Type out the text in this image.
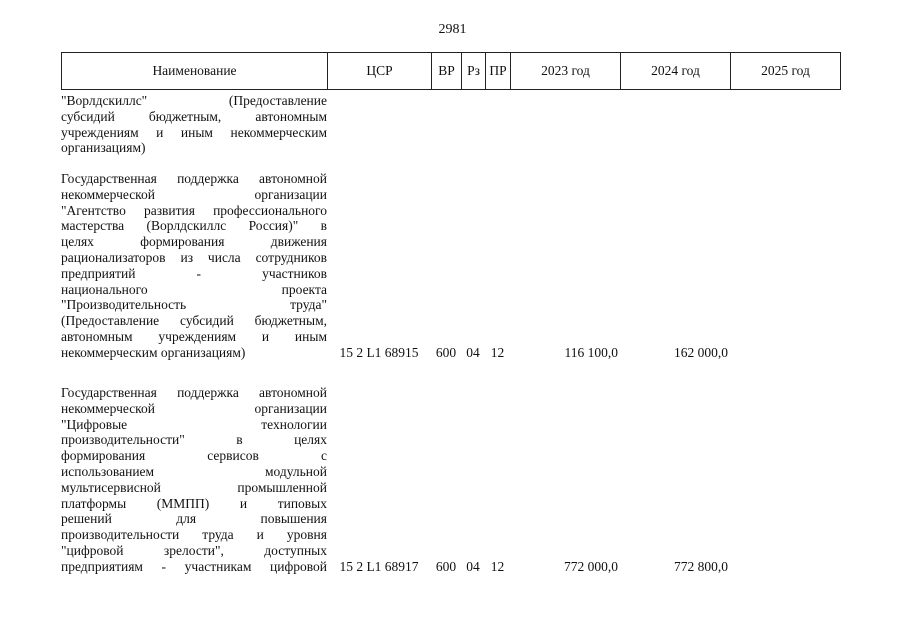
2981
Наименование	ЦСР	ВР Рз ПР	2023 год	2024 год	2025 год
"Ворлдскиллс" (Предоставление
субсидий бюджетным, автономным
учреждениям и иным некоммерческим
организациям)
Государственная поддержка автономной
некоммерческой организации
"Агентство развития профессионального
мастерства (Ворлдскиллс Россия)" в
целях формирования движения
рационализаторов из числа сотрудников
предприятий - участников
национального проекта
"Производительность труда"
(Предоставление субсидий бюджетным,
автономным учреждениям и иным
некоммерческим организациям)	15 2 L1 68915	600 04 12	116 100,0	162 000,0
Государственная поддержка автономной
некоммерческой организации
"Цифровые технологии
производительности" в целях
формирования сервисов с
использованием модульной
мультисервисной промышленной
платформы (ММПП) и типовых
решений для повышения
производительности труда и уровня
"цифровой зрелости", доступных
предприятиям - участникам цифровой 15 2 L1 68917	600 04 12	772 000,0	772 800,0
